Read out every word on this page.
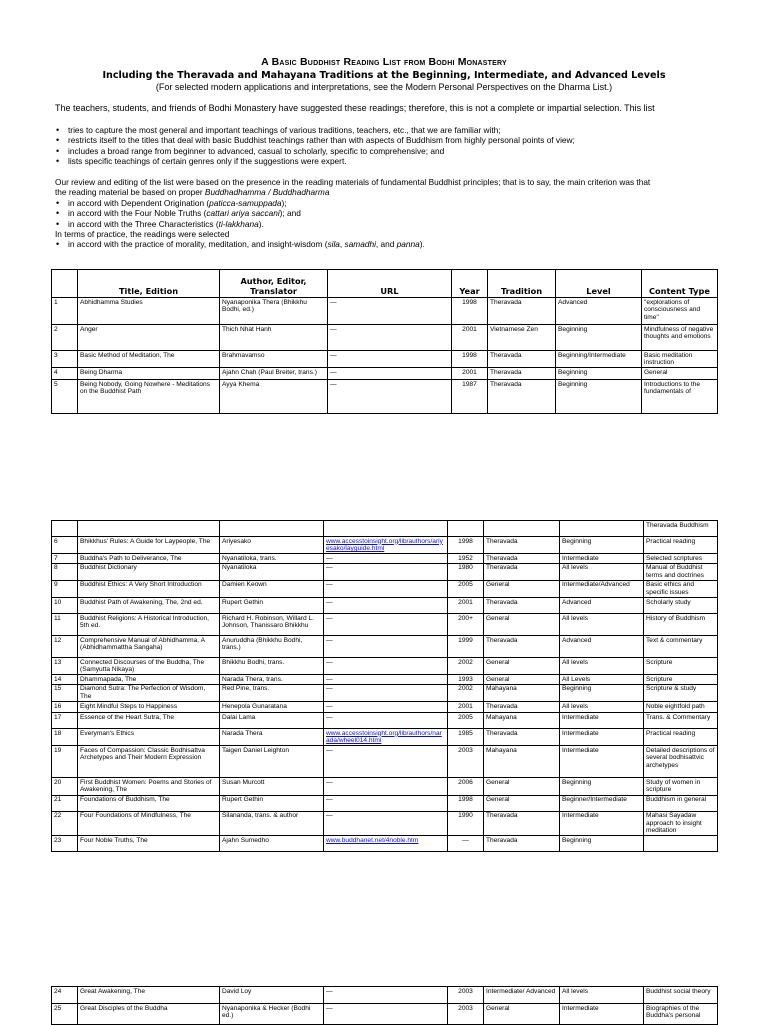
A Basic Buddhist Reading List from Bodhi Monastery
Including the Theravada and Mahayana Traditions at the Beginning, Intermediate, and Advanced Levels
(For selected modern applications and interpretations, see the Modern Personal Perspectives on the Dharma List.)
The teachers, students, and friends of Bodhi Monastery have suggested these readings; therefore, this is not a complete or impartial selection. This list
• tries to capture the most general and important teachings of various traditions, teachers, etc., that we are familiar with;
• restricts itself to the titles that deal with basic Buddhist teachings rather than with aspects of Buddhism from highly personal points of view;
• includes a broad range from beginner to advanced, casual to scholarly, specific to comprehensive; and
• lists specific teachings of certain genres only if the suggestions were expert.
Our review and editing of the list were based on the presence in the reading materials of fundamental Buddhist principles; that is to say, the main criterion was that
the reading material be based on proper Buddhadhamma / Buddhadharma
• in accord with Dependent Origination (paticca-samuppada);
• in accord with the Four Noble Truths (cattari ariya saccani); and
• in accord with the Three Characteristics (ti-lakkhana).
In terms of practice, the readings were selected
• in accord with the practice of morality, meditation, and insight-wisdom (sila, samadhi, and panna).
	Title, Edition	Author, Editor, Translator	URL	Year	Tradition	Level	Content Type
1	Abhidhamma Studies	Nyanaponika Thera (Bhikkhu Bodhi, ed.)	—	1998	Theravada	Advanced	"explorations of consciousness and time"
2	Anger	Thich Nhat Hanh	—	2001	Vietnamese Zen	Beginning	Mindfulness of negative thoughts and emotions
3	Basic Method of Meditation, The	Brahmavamso	—	1998	Theravada	Beginning/Intermediate	Basic meditation instruction
4	Being Dharma	Ajahn Chah (Paul Breiter, trans.)	—	2001	Theravada	Beginning	General
5	Being Nobody, Going Nowhere - Meditations on the Buddhist Path	Ayya Khema	—	1987	Theravada	Beginning	Introductions to the fundamentals of
							Theravada Buddhism
6	Bhikkhus' Rules: A Guide for Laypeople, The	Ariyesako	www.accesstoinsight.org/lib/authors/ariyesako/layguide.html	1998	Theravada	Beginning	Practical reading
7	Buddha's Path to Deliverance, The	Nyanatiloka, trans.	—	1952	Theravada	Intermediate	Selected scriptures
8	Buddhist Dictionary	Nyanatiloka	—	1980	Theravada	All levels	Manual of Buddhist terms and doctrines
9	Buddhist Ethics: A Very Short Introduction	Damien Keown	—	2005	General	Intermediate/Advanced	Basic ethics and specific issues
10	Buddhist Path of Awakening, The, 2nd ed.	Rupert Gethin	—	2001	Theravada	Advanced	Scholarly study
11	Buddhist Religions: A Historical Introduction, 5th ed.	Richard H. Robinson, Willard L. Johnson, Thanissaro Bhikkhu	—	200+	General	All levels	History of Buddhism
12	Comprehensive Manual of Abhidhamma, A (Abhidhammattha Sangaha)	Anuruddha (Bhikkhu Bodhi, trans.)	—	1999	Theravada	Advanced	Text & commentary
13	Connected Discourses of the Buddha, The (Samyutta Nikaya)	Bhikkhu Bodhi, trans.	—	2002	General	All levels	Scripture
14	Dhammapada, The	Narada Thera, trans.	—	1993	General	All Levels	Scripture
15	Diamond Sutra: The Perfection of Wisdom, The	Red Pine, trans.	—	2002	Mahayana	Beginning	Scripture & study
16	Eight Mindful Steps to Happiness	Henepola Gunaratana	—	2001	Theravada	All levels	Noble eightfold path
17	Essence of the Heart Sutra, The	Dalai Lama	—	2005	Mahayana	Intermediate	Trans. & Commentary
18	Everyman's Ethics	Narada Thera	www.accesstoinsight.org/lib/authors/narada/wheel014.html	1985	Theravada	Intermediate	Practical reading
19	Faces of Compassion: Classic Bodhisattva Archetypes and Their Modern Expression	Taigen Daniel Leighton	—	2003	Mahayana	Intermediate	Detailed descriptions of several bodhisattvic archetypes
20	First Buddhist Women: Poems and Stories of Awakening, The	Susan Murcott	—	2006	General	Beginning	Study of women in scripture
21	Foundations of Buddhism, The	Rupert Gethin	—	1998	General	Beginner/Intermediate	Buddhism in general
22	Four Foundations of Mindfulness, The	Silananda, trans. & author	—	1990	Theravada	Intermediate	Mahasi Sayadaw approach to insight meditation
23	Four Noble Truths, The	Ajahn Sumedho	www.buddhanet.net/4noble.htm	—	Theravada	Beginning	
24	Great Awakening, The	David Loy	—	2003	Intermediate/ Advanced	All levels	Buddhist social theory
25	Great Disciples of the Buddha	Nyanaponika & Hecker (Bodhi ed.)	—	2003	General	Intermediate	Biographies of the Buddha's personal
